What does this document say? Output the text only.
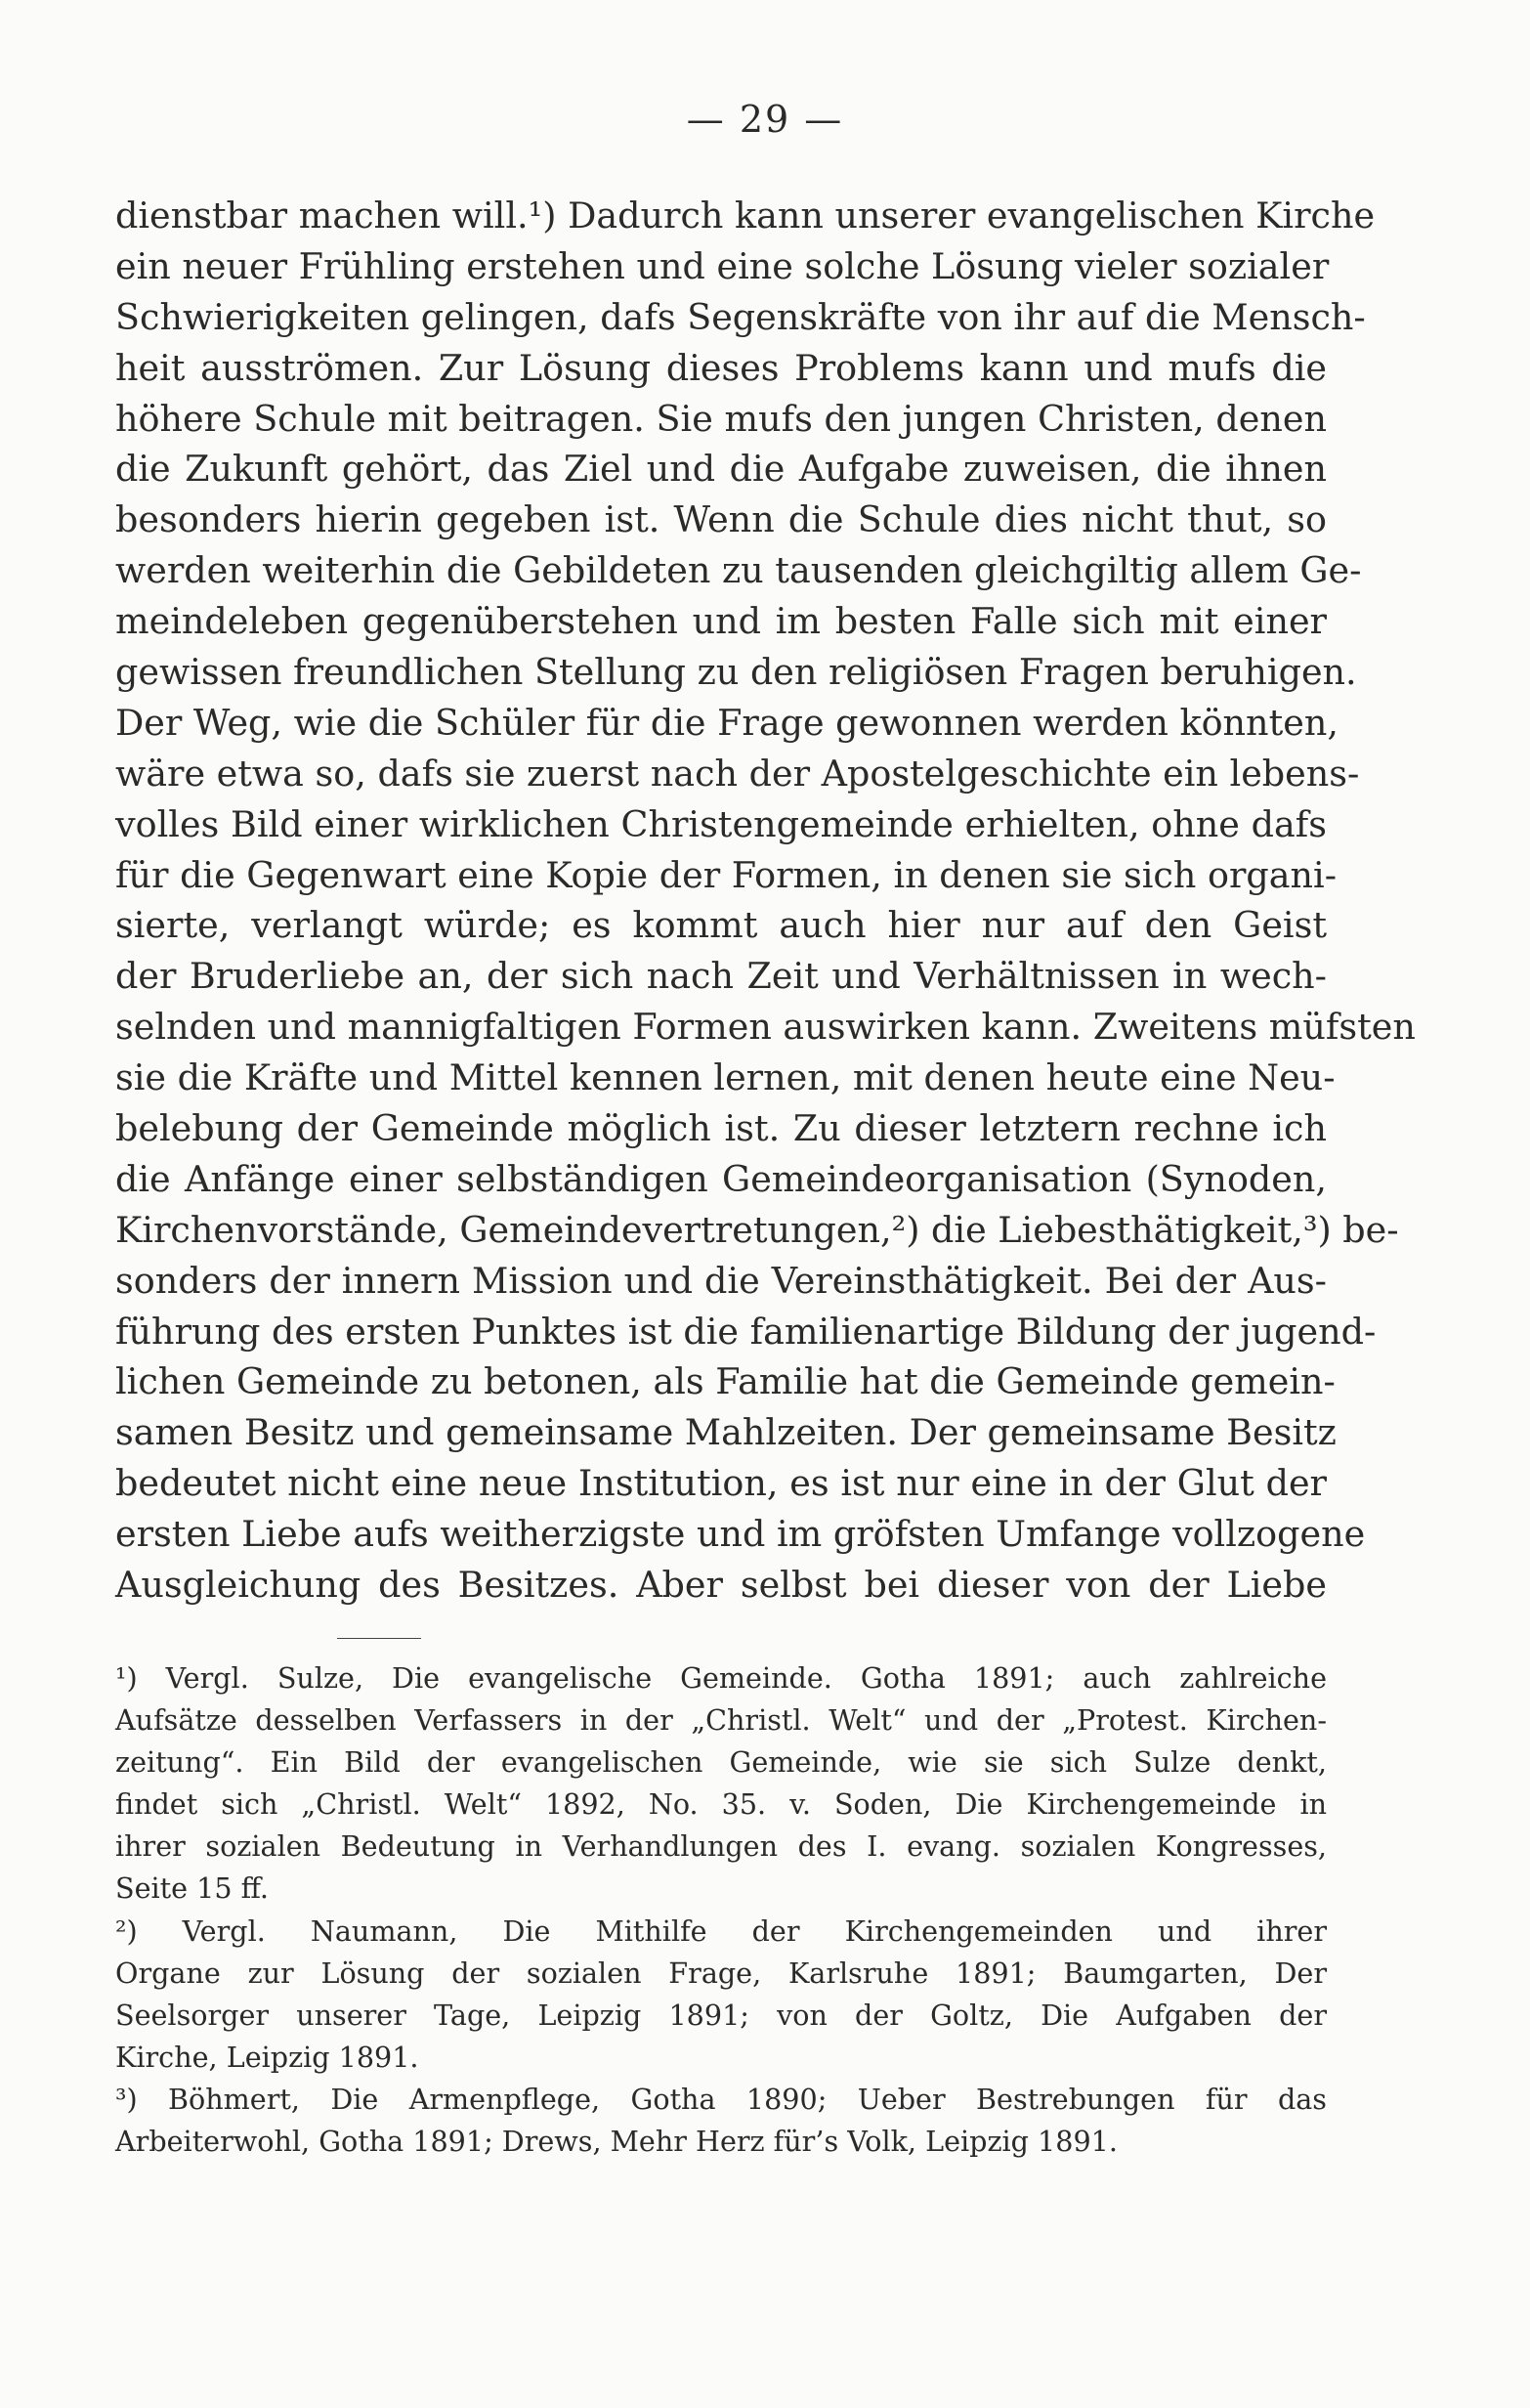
— 29 —
dienstbar machen will.¹) Dadurch kann unserer evangelischen Kirche
ein neuer Frühling erstehen und eine solche Lösung vieler sozialer
Schwierigkeiten gelingen, dafs Segenskräfte von ihr auf die Mensch-
heit ausströmen. Zur Lösung dieses Problems kann und mufs die
höhere Schule mit beitragen. Sie mufs den jungen Christen, denen
die Zukunft gehört, das Ziel und die Aufgabe zuweisen, die ihnen
besonders hierin gegeben ist. Wenn die Schule dies nicht thut, so
werden weiterhin die Gebildeten zu tausenden gleichgiltig allem Ge-
meindeleben gegenüberstehen und im besten Falle sich mit einer
gewissen freundlichen Stellung zu den religiösen Fragen beruhigen.
Der Weg, wie die Schüler für die Frage gewonnen werden könnten,
wäre etwa so, dafs sie zuerst nach der Apostelgeschichte ein lebens-
volles Bild einer wirklichen Christengemeinde erhielten, ohne dafs
für die Gegenwart eine Kopie der Formen, in denen sie sich organi-
sierte, verlangt würde; es kommt auch hier nur auf den Geist
der Bruderliebe an, der sich nach Zeit und Verhältnissen in wech-
selnden und mannigfaltigen Formen auswirken kann. Zweitens müfsten
sie die Kräfte und Mittel kennen lernen, mit denen heute eine Neu-
belebung der Gemeinde möglich ist. Zu dieser letztern rechne ich
die Anfänge einer selbständigen Gemeindeorganisation (Synoden,
Kirchenvorstände, Gemeindevertretungen,²) die Liebesthätigkeit,³) be-
sonders der innern Mission und die Vereinsthätigkeit. Bei der Aus-
führung des ersten Punktes ist die familienartige Bildung der jugend-
lichen Gemeinde zu betonen, als Familie hat die Gemeinde gemein-
samen Besitz und gemeinsame Mahlzeiten. Der gemeinsame Besitz
bedeutet nicht eine neue Institution, es ist nur eine in der Glut der
ersten Liebe aufs weitherzigste und im gröfsten Umfange vollzogene
Ausgleichung des Besitzes. Aber selbst bei dieser von der Liebe
¹) Vergl. Sulze, Die evangelische Gemeinde. Gotha 1891; auch zahlreiche
Aufsätze desselben Verfassers in der „Christl. Welt“ und der „Protest. Kirchen-
zeitung“. Ein Bild der evangelischen Gemeinde, wie sie sich Sulze denkt,
findet sich „Christl. Welt“ 1892, No. 35. v. Soden, Die Kirchengemeinde in
ihrer sozialen Bedeutung in Verhandlungen des I. evang. sozialen Kongresses,
Seite 15 ff.
²) Vergl. Naumann, Die Mithilfe der Kirchengemeinden und ihrer
Organe zur Lösung der sozialen Frage, Karlsruhe 1891; Baumgarten, Der
Seelsorger unserer Tage, Leipzig 1891; von der Goltz, Die Aufgaben der
Kirche, Leipzig 1891.
³) Böhmert, Die Armenpflege, Gotha 1890; Ueber Bestrebungen für das
Arbeiterwohl, Gotha 1891; Drews, Mehr Herz für’s Volk, Leipzig 1891.
